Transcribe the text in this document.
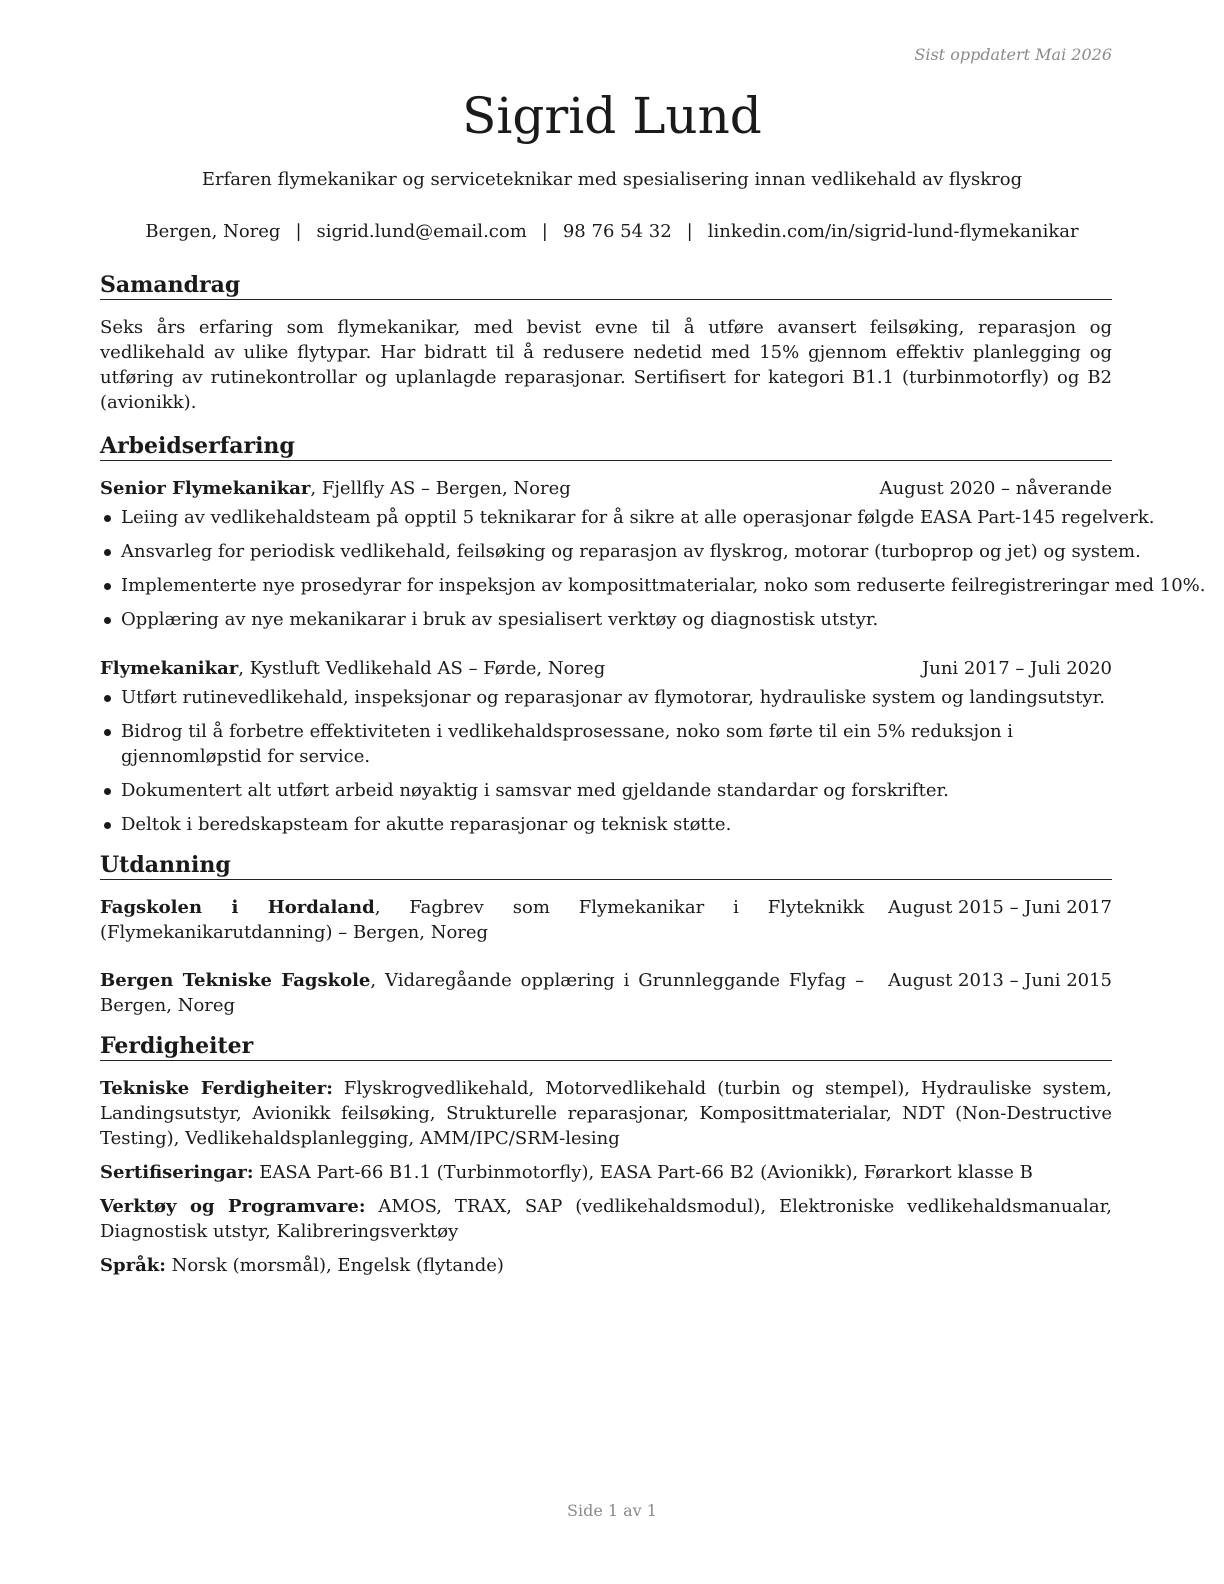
Sist oppdatert Mai 2026
Sigrid Lund
Erfaren flymekanikar og serviceteknikar med spesialisering innan vedlikehald av flyskrog
Bergen, Noreg | sigrid.lund@email.com | 98 76 54 32 | linkedin.com/in/sigrid-lund-flymekanikar
Samandrag

Seks års erfaring som flymekanikar, med bevist evne til å utføre avansert feilsøking, reparasjon og vedlikehald av ulike flytypar. Har bidratt til å redusere nedetid med 15% gjennom effektiv planlegging og utføring av rutinekontrollar og uplanlagde reparasjonar. Sertifisert for kategori B1.1 (turbinmotorfly) og B2 (avionikk).

Arbeidserfaring
Senior Flymekanikar, Fjellfly AS – Bergen, Noreg	August 2020 – nåverande
Leiing av vedlikehaldsteam på opptil 5 teknikarar for å sikre at alle operasjonar følgde EASA Part-145 regelverk.
Ansvarleg for periodisk vedlikehald, feilsøking og reparasjon av flyskrog, motorar (turboprop og jet) og system.
Implementerte nye prosedyrar for inspeksjon av komposittmaterialar, noko som reduserte feilregistreringar med 10%.
Opplæring av nye mekanikarar i bruk av spesialisert verktøy og diagnostisk utstyr.
Flymekanikar, Kystluft Vedlikehald AS – Førde, Noreg	Juni 2017 – Juli 2020
Utført rutinevedlikehald, inspeksjonar og reparasjonar av flymotorar, hydrauliske system og landingsutstyr.
Bidrog til å forbetre effektiviteten i vedlikehaldsprosessane, noko som førte til ein 5% reduksjon i gjennomløpstid for service.
Dokumentert alt utført arbeid nøyaktig i samsvar med gjeldande standardar og forskrifter.
Deltok i beredskapsteam for akutte reparasjonar og teknisk støtte.
Utdanning
Fagskolen i Hordaland, Fagbrev som Flymekanikar i Flyteknikk (Flymekanikarutdanning) – Bergen, Noreg
August 2015 – Juni 2017
Bergen Tekniske Fagskole, Vidaregåande opplæring i Grunnleggande Flyfag – Bergen, Noreg
August 2013 – Juni 2015
Ferdigheiter
Tekniske Ferdigheiter: Flyskrogvedlikehald, Motorvedlikehald (turbin og stempel), Hydrauliske system, Landingsutstyr, Avionikk feilsøking, Strukturelle reparasjonar, Komposittmaterialar, NDT (Non-Destructive Testing), Vedlikehaldsplanlegging, AMM/IPC/SRM-lesing
Sertifiseringar: EASA Part-66 B1.1 (Turbinmotorfly), EASA Part-66 B2 (Avionikk), Førarkort klasse B
Verktøy og Programvare: AMOS, TRAX, SAP (vedlikehaldsmodul), Elektroniske vedlikehaldsmanualar, Diagnostisk utstyr, Kalibreringsverktøy
Språk: Norsk (morsmål), Engelsk (flytande)
Side 1 av 1
